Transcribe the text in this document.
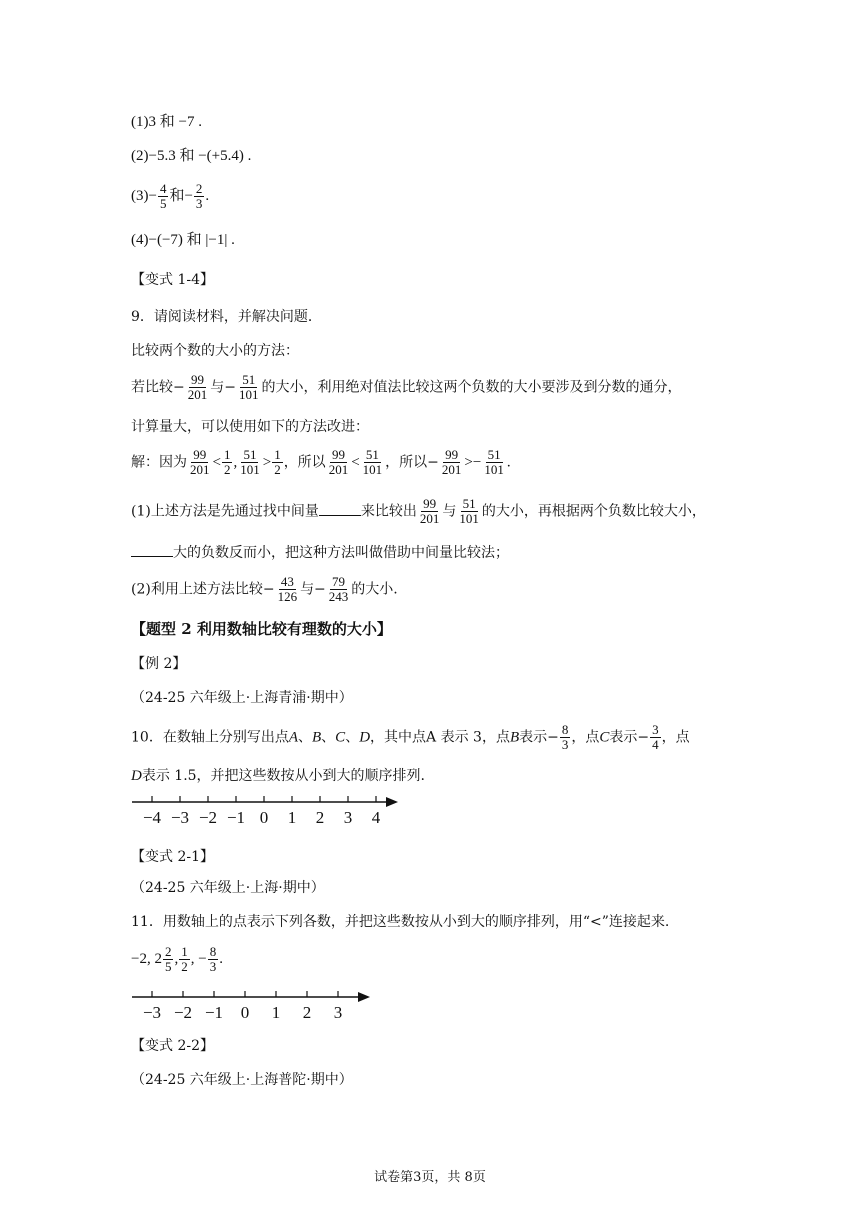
(1)3 和 −7 .
(2)−5.3 和 −(+5.4) .
$(3)- \frac{4}{5}$ 和− $\frac{2}{3}$ .
(4)−(−7) 和 |−1| .
【变式 1-4】
9．请阅读材料，并解决问题．
比较两个数的大小的方法：
若比较− $\frac{99}{201}$ 与− $\frac{51}{101}$ 的大小，利用绝对值法比较这两个负数的大小要涉及到分数的通分，
计算量大，可以使用如下的方法改进：
解：因为 $\frac{99}{201} < \frac{1}{2}$ , $\frac{51}{101} > \frac{1}{2}$ ，所以 $\frac{99}{201} < \frac{51}{101}$ ，所以− $\frac{99}{201} >- \frac{51}{101}$ .
(1)上述方法是先通过找中间量	来比较出 $\frac{99}{201}$ 与 $\frac{51}{101}$ 的大小，再根据两个负数比较大小，
大的负数反而小，把这种方法叫做借助中间量比较法；
(2)利用上述方法比较− $\frac{43}{126}$ 与− $\frac{79}{243}$ 的大小.
【题型 2 利用数轴比较有理数的大小】
【例 2】
（24-25 六年级上·上海青浦·期中）
10．在数轴上分别写出点A、B、C、D，其中点A 表示 3，点B表示− $\frac{8}{3}$ ，点C表示− $\frac{3}{4}$ ，点
D表示 1.5，并把这些数按从小到大的顺序排列.
−4 −3 −2 −1 0 1 2 3 4
【变式 2-1】
（24-25 六年级上·上海·期中）
11．用数轴上的点表示下列各数，并把这些数按从小到大的顺序排列，用“<”连接起来.
−2, $2 \frac{2}{5}$ , $\frac{1}{2}$ , − $\frac{8}{3}$ .
−3 −2 −1 0 1 2 3
【变式 2-2】
（24-25 六年级上·上海普陀·期中）
试卷第3页，共 8页
